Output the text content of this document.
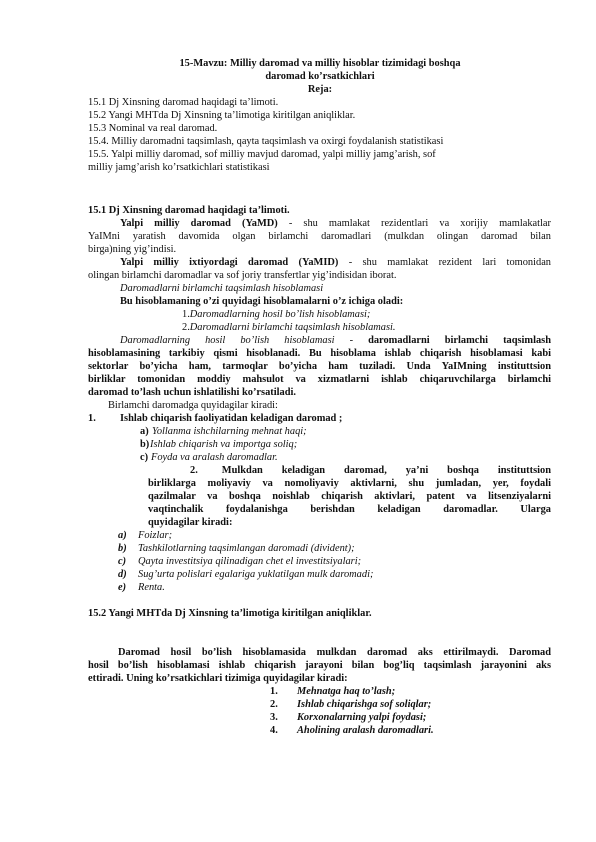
15-Mavzu: Milliy daromad va milliy hisoblar tizimidagi boshqa
daromad ko’rsatkichlari
Reja:
15.1 Dj Xinsning daromad haqidagi ta’limoti.
15.2 Yangi MHTda Dj Xinsning ta’limotiga kiritilgan aniqliklar.
15.3 Nominal va real daromad.
15.4. Milliy daromadni taqsimlash, qayta taqsimlash va oxirgi foydalanish statistikasi
15.5. Yalpi milliy daromad, sof milliy mavjud daromad, yalpi milliy jamg’arish, sof
milliy jamg’arish ko’rsatkichlari statistikasi
15.1 Dj Xinsning daromad haqidagi ta’limoti.
Yalpi milliy daromad (YaMD) - shu mamlakat rezidentlari va xorijiy mamlakatlar
YaIMni yaratish davomida olgan birlamchi daromadlari (mulkdan olingan daromad bilan
birga)ning yig’indisi.
Yalpi milliy ixtiyordagi daromad (YaMID) - shu mamlakat rezident lari tomonidan
olingan birlamchi daromadlar va sof joriy transfertlar yig’indisidan iborat.
Daromadlarni birlamchi taqsimlash hisoblamasi
Bu hisoblamaning o’zi quyidagi hisoblamalarni o’z ichiga oladi:
1.Daromadlarning hosil bo’lish hisoblamasi;
2.Daromadlarni birlamchi taqsimlash hisoblamasi.
Daromadlarning hosil bo’lish hisoblamasi - daromadlarni birlamchi taqsimlash
hisoblamasining tarkibiy qismi hisoblanadi. Bu hisoblama ishlab chiqarish hisoblamasi kabi
sektorlar bo’yicha ham, tarmoqlar bo’yicha ham tuziladi. Unda YaIMning instituttsion
birliklar tomonidan moddiy mahsulot va xizmatlarni ishlab chiqaruvchilarga birlamchi
daromad to’lash uchun ishlatilishi ko’rsatiladi.
Birlamchi daromadga quyidagilar kiradi:
1. Ishlab chiqarish faoliyatidan keladigan daromad ;
a) Yollanma ishchilarning mehnat haqi;
b) Ishlab chiqarish va importga soliq;
c) Foyda va aralash daromadlar.
2. Mulkdan keladigan daromad, ya’ni boshqa instituttsion
birliklarga moliyaviy va nomoliyaviy aktivlarni, shu jumladan, yer, foydali
qazilmalar va boshqa noishlab chiqarish aktivlari, patent va litsenziyalarni
vaqtinchalik foydalanishga berishdan keladigan daromadlar. Ularga
quyidagilar kiradi:
a) Foizlar;
b) Tashkilotlarning taqsimlangan daromadi (divident);
c) Qayta investitsiya qilinadigan chet el investitsiyalari;
d) Sug’urta polislari egalariga yuklatilgan mulk daromadi;
e) Renta.
15.2 Yangi MHTda Dj Xinsning ta’limotiga kiritilgan aniqliklar.
Daromad hosil bo’lish hisoblamasida mulkdan daromad aks ettirilmaydi. Daromad
hosil bo’lish hisoblamasi ishlab chiqarish jarayoni bilan bog’liq taqsimlash jarayonini aks
ettiradi. Uning ko’rsatkichlari tizimiga quyidagilar kiradi:
1. Mehnatga haq to’lash;
2. Ishlab chiqarishga sof soliqlar;
3. Korxonalarning yalpi foydasi;
4. Aholining aralash daromadlari.
